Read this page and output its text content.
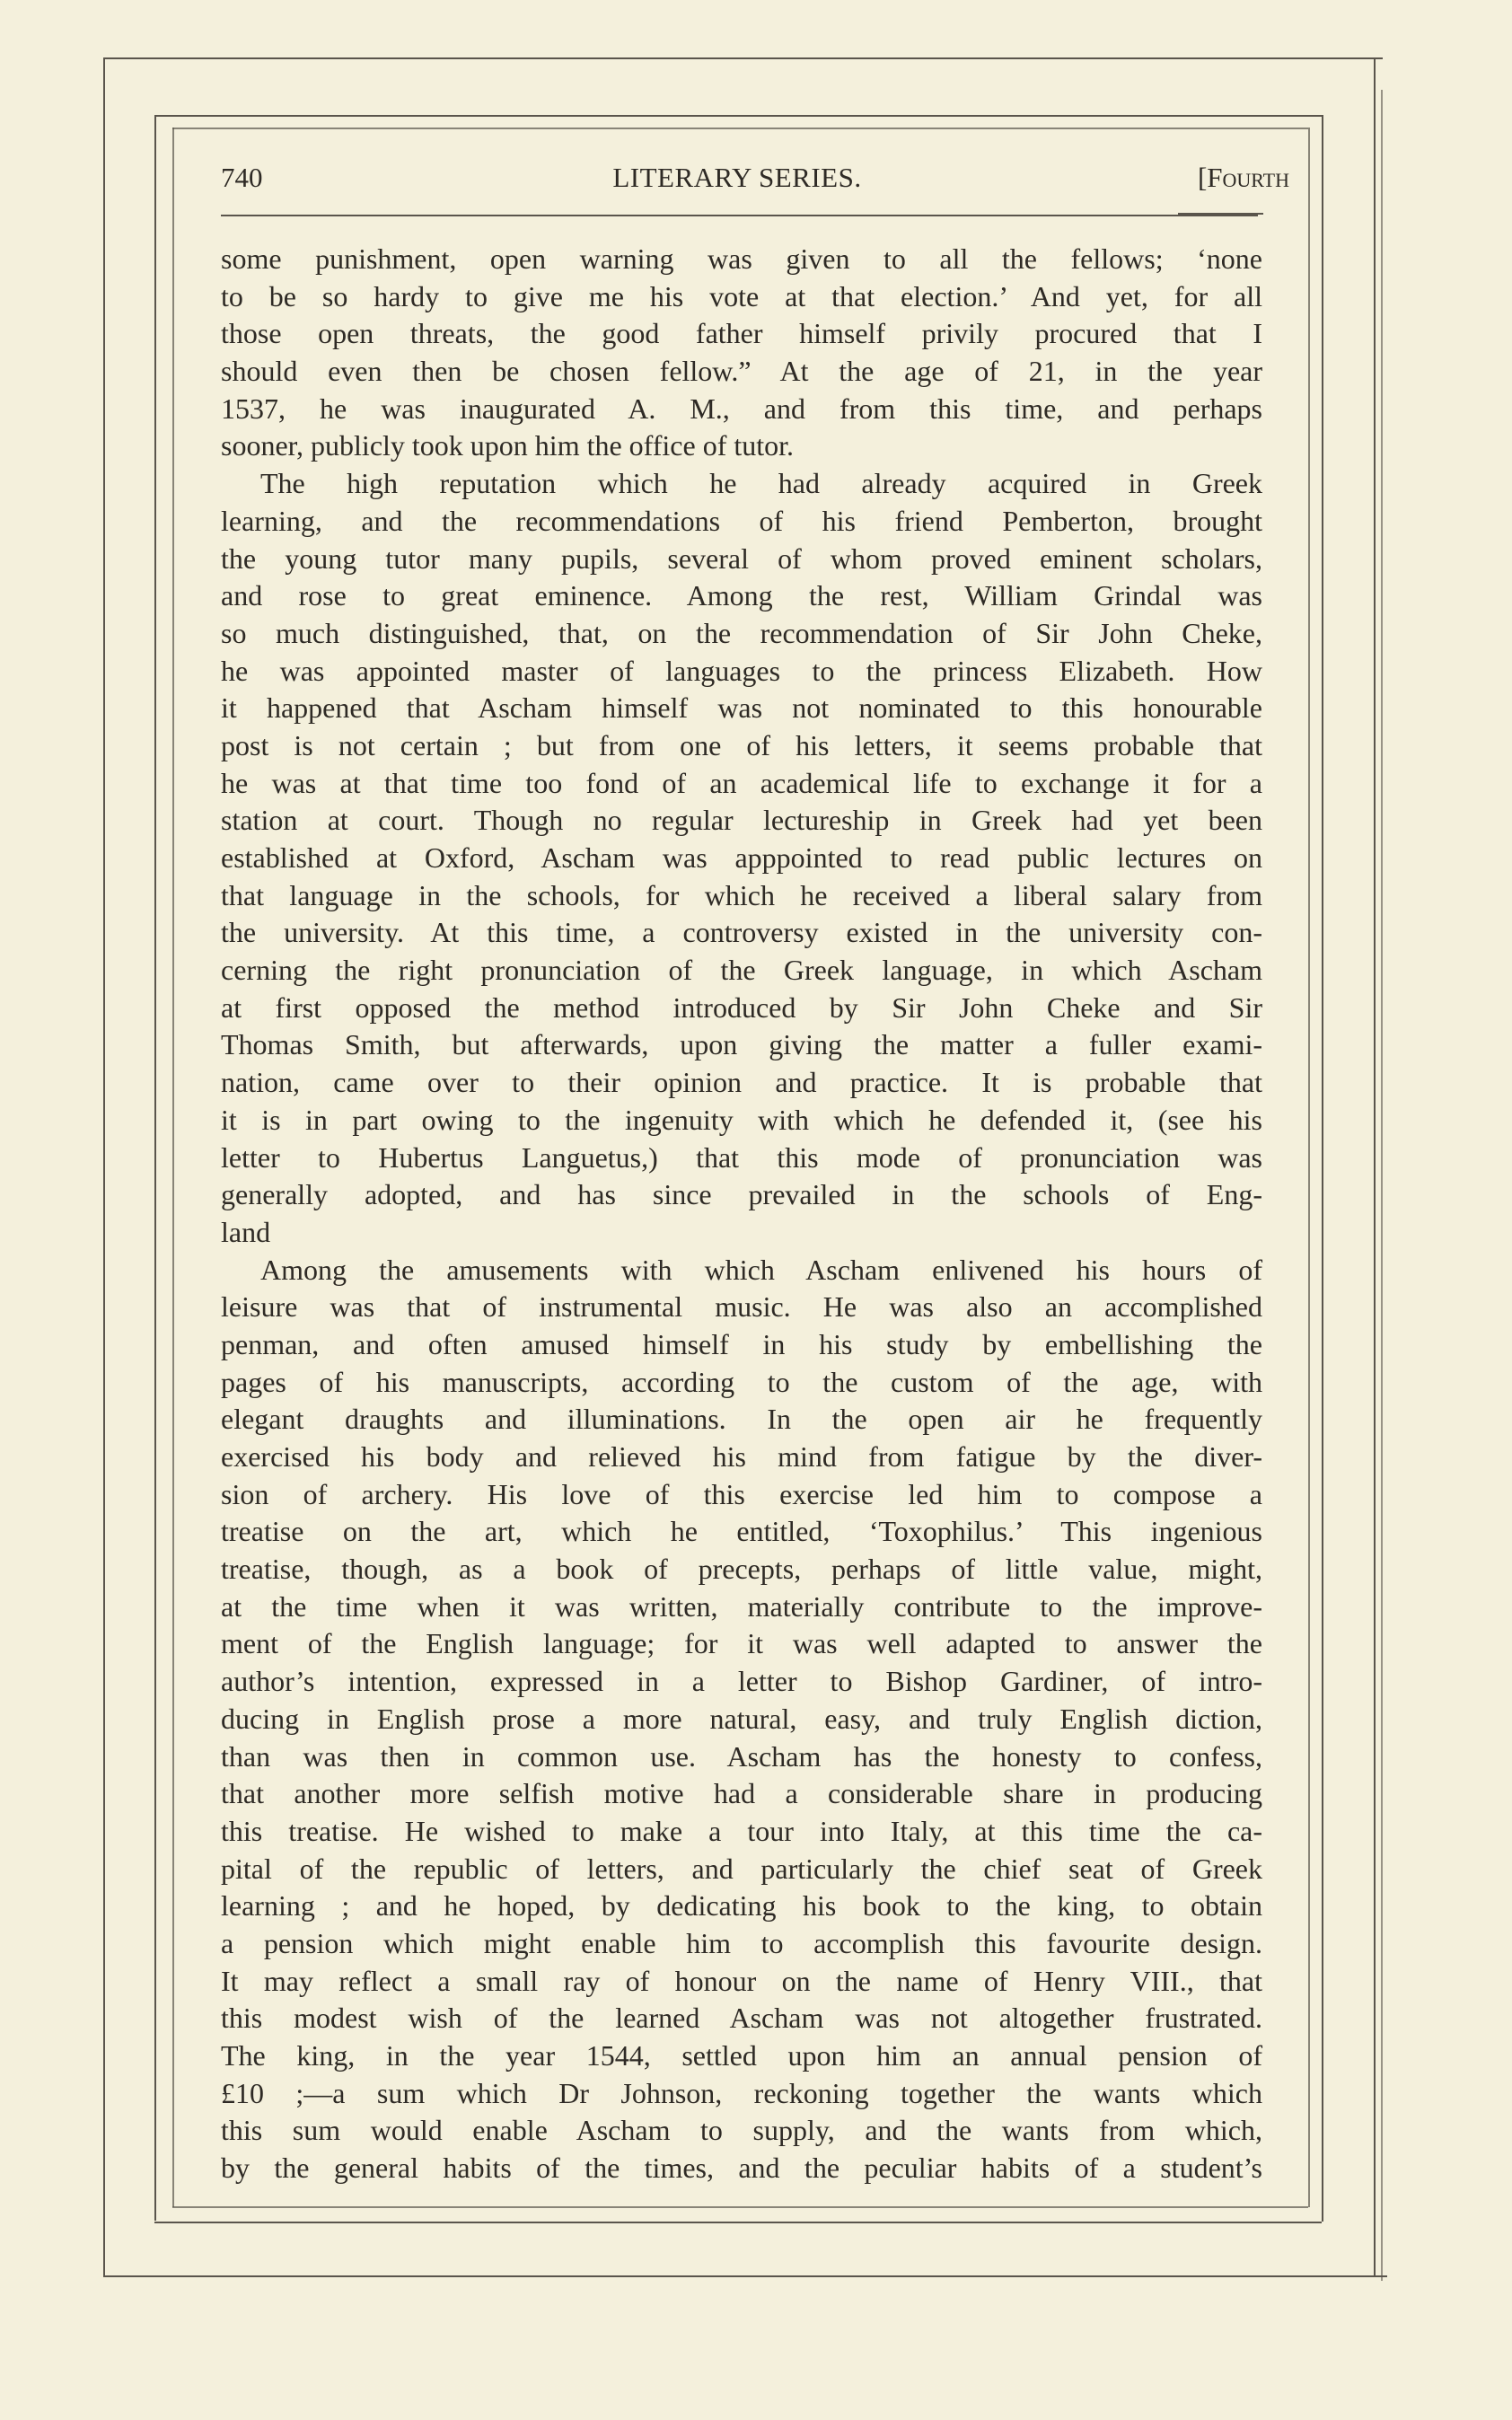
740	LITERARY SERIES.	[Fourth
some punishment, open warning was given to all the fellows; ‘none
to be so hardy to give me his vote at that election.’ And yet, for all
those open threats, the good father himself privily procured that I
should even then be chosen fellow.” At the age of 21, in the year
1537, he was inaugurated A. M., and from this time, and perhaps
sooner, publicly took upon him the office of tutor.
The high reputation which he had already acquired in Greek
learning, and the recommendations of his friend Pemberton, brought
the young tutor many pupils, several of whom proved eminent scholars,
and rose to great eminence. Among the rest, William Grindal was
so much distinguished, that, on the recommendation of Sir John Cheke,
he was appointed master of languages to the princess Elizabeth. How
it happened that Ascham himself was not nominated to this honourable
post is not certain ; but from one of his letters, it seems probable that
he was at that time too fond of an academical life to exchange it for a
station at court. Though no regular lectureship in Greek had yet been
established at Oxford, Ascham was apppointed to read public lectures on
that language in the schools, for which he received a liberal salary from
the university. At this time, a controversy existed in the university con-
cerning the right pronunciation of the Greek language, in which Ascham
at first opposed the method introduced by Sir John Cheke and Sir
Thomas Smith, but afterwards, upon giving the matter a fuller exami-
nation, came over to their opinion and practice. It is probable that
it is in part owing to the ingenuity with which he defended it, (see his
letter to Hubertus Languetus,) that this mode of pronunciation was
generally adopted, and has since prevailed in the schools of Eng-
land
Among the amusements with which Ascham enlivened his hours of
leisure was that of instrumental music. He was also an accomplished
penman, and often amused himself in his study by embellishing the
pages of his manuscripts, according to the custom of the age, with
elegant draughts and illuminations. In the open air he frequently
exercised his body and relieved his mind from fatigue by the diver-
sion of archery. His love of this exercise led him to compose a
treatise on the art, which he entitled, ‘Toxophilus.’ This ingenious
treatise, though, as a book of precepts, perhaps of little value, might,
at the time when it was written, materially contribute to the improve-
ment of the English language; for it was well adapted to answer the
author’s intention, expressed in a letter to Bishop Gardiner, of intro-
ducing in English prose a more natural, easy, and truly English diction,
than was then in common use. Ascham has the honesty to confess,
that another more selfish motive had a considerable share in producing
this treatise. He wished to make a tour into Italy, at this time the ca-
pital of the republic of letters, and particularly the chief seat of Greek
learning ; and he hoped, by dedicating his book to the king, to obtain
a pension which might enable him to accomplish this favourite design.
It may reflect a small ray of honour on the name of Henry VIII., that
this modest wish of the learned Ascham was not altogether frustrated.
The king, in the year 1544, settled upon him an annual pension of
£10 ;—a sum which Dr Johnson, reckoning together the wants which
this sum would enable Ascham to supply, and the wants from which,
by the general habits of the times, and the peculiar habits of a student’s
